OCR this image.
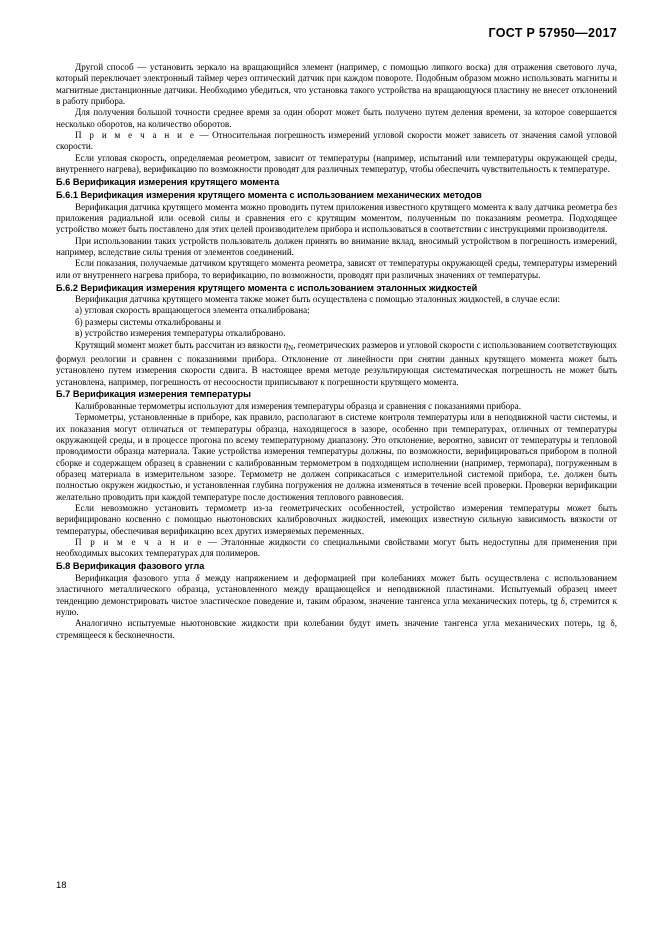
ГОСТ Р 57950—2017

Другой способ — установить зеркало на вращающийся элемент (например, с помощью липкого воска) для отражения светового луча, который переключает электронный таймер через оптический датчик при каждом повороте. Подобным образом можно использовать магниты и магнитные дистанционные датчики. Необходимо убедиться, что установка такого устройства на вращающуюся пластину не внесет отклонений в работу прибора.

Для получения большой точности среднее время за один оборот может быть получено путем деления времени, за которое совершается несколько оборотов, на количество оборотов.

П р и м е ч а н и е — Относительная погрешность измерений угловой скорости может зависеть от значения самой угловой скорости.

Если угловая скорость, определяемая реометром, зависит от температуры (например, испытаний или температуры окружающей среды, внутреннего нагрева), верификацию по возможности проводят для различных температур, чтобы обеспечить чувствительность к температуре.

Б.6 Верификация измерения крутящего момента

Б.6.1 Верификация измерения крутящего момента с использованием механических методов

Верификация датчика крутящего момента можно проводить путем приложения известного крутящего момента к валу датчика реометра без приложения радиальной или осевой силы и сравнения его с крутящим моментом, полученным по показаниям реометра. Подходящее устройство может быть поставлено для этих целей производителем прибора и использоваться в соответствии с инструкциями производителя.

При использовании таких устройств пользователь должен принять во внимание вклад, вносимый устройством в погрешность измерений, например, вследствие силы трения от элементов соединений.

Если показания, получаемые датчиком крутящего момента реометра, зависят от температуры окружающей среды, температуры измерений или от внутреннего нагрева прибора, то верификацию, по возможности, проводят при различных значениях от температуры.

Б.6.2 Верификация измерения крутящего момента с использованием эталонных жидкостей

Верификация датчика крутящего момента также может быть осуществлена с помощью эталонных жидкостей, в случае если:

а) угловая скорость вращающегося элемента откалибрована;

б) размеры системы откалиброваны и

в) устройство измерения температуры откалибровано.

Крутящий момент может быть рассчитан из вязкости $\eta_N$, геометрических размеров и угловой скорости с использованием соответствующих формул реологии и сравнен с показаниями прибора. Отклонение от линейности при снятии данных крутящего момента может быть установлено путем измерения скорости сдвига. В настоящее время методе результирующая систематическая погрешность не может быть установлена, например, погрешность от несоосности приписывают к погрешности крутящего момента.

Б.7 Верификация измерения температуры

Калиброванные термометры используют для измерения температуры образца и сравнения с показаниями прибора.

Термометры, установленные в приборе, как правило, располагают в системе контроля температуры или в неподвижной части системы, и их показания могут отличаться от температуры образца, находящегося в зазоре, особенно при температурах, отличных от температуры окружающей среды, и в процессе прогона по всему температурному диапазону. Это отклонение, вероятно, зависит от температуры и тепловой проводимости образца материала. Такие устройства измерения температуры должны, по возможности, верифицироваться прибором в полной сборке и содержащем образец в сравнении с калиброванным термометром в подходящем исполнении (например, термопара), погруженным в образец материала в измерительном зазоре. Термометр не должен соприкасаться с измерительной системой прибора, т.е. должен быть полностью окружен жидкостью, и установленная глубина погружения не должна изменяться в течение всей проверки. Проверки верификации желательно проводить при каждой температуре после достижения теплового равновесия.

Если невозможно установить термометр из-за геометрических особенностей, устройство измерения температуры может быть верифицировано косвенно с помощью ньютоновских калибровочных жидкостей, имеющих известную сильную зависимость вязкости от температуры, обеспечивая верификацию всех других измеряемых переменных.

П р и м е ч а н и е — Эталонные жидкости со специальными свойствами могут быть недоступны для применения при необходимых высоких температурах для полимеров.

Б.8 Верификация фазового угла

Верификация фазового угла δ между напряжением и деформацией при колебаниях может быть осуществлена с использованием эластичного металлического образца, установленного между вращающейся и неподвижной пластинами. Испытуемый образец имеет тенденцию демонстрировать чистое эластическое поведение и, таким образом, значение тангенса угла механических потерь, tg δ, стремится к нулю.

Аналогично испытуемые ньютоновские жидкости при колебании будут иметь значение тангенса угла механических потерь, tg δ, стремящееся к бесконечности.

18
